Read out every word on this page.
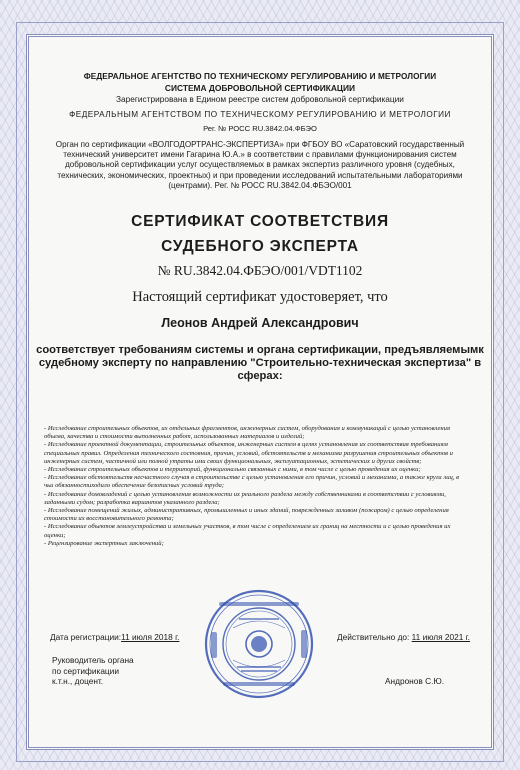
ФЕДЕРАЛЬНОЕ АГЕНТСТВО ПО ТЕХНИЧЕСКОМУ РЕГУЛИРОВАНИЮ И МЕТРОЛОГИИ

СИСТЕМА ДОБРОВОЛЬНОЙ СЕРТИФИКАЦИИ

Зарегистрирована в Едином реестре систем добровольной сертификации

ФЕДЕРАЛЬНЫМ АГЕНТСТВОМ ПО ТЕХНИЧЕСКОМУ РЕГУЛИРОВАНИЮ И МЕТРОЛОГИИ

Рег. № РОСС RU.3842.04.ФБЭО

Орган по сертификации «ВОЛГОДОРТРАНС-ЭКСПЕРТИЗА» при ФГБОУ ВО «Саратовский государственный технический университет имени Гагарина Ю.А.» в соответствии с правилами функционирования систем добровольной сертификации услуг осуществляемых в рамках экспертиз различного уровня (судебных, технических, экономических, проектных) и при проведении исследований испытательными лабораториями (центрами). Рег. № РОСС RU.3842.04.ФБЭО/001

СЕРТИФИКАТ СООТВЕТСТВИЯ

СУДЕБНОГО ЭКСПЕРТА

№ RU.3842.04.ФБЭО/001/VDT1102

Настоящий сертификат удостоверяет, что

Леонов Андрей Александрович

соответствует требованиям системы и органа сертификации, предъявляемымк судебному эксперту по направлению "Строительно-техническая экспертиза" в сферах:

- Исследование строительных объектов, их отдельных фрагментов, инженерных систем, оборудования и коммуникаций с целью установления объема, качества и стоимости выполненных работ, использованных материалов и изделий;
- Исследование проектной документации, строительных объектов, инженерных систем в целях установления их соответствия требованиям специальных правил. Определения технического состояния, причин, условий, обстоятельств и механизма разрушения строительных объектов и инженерных систем, частичной или полной утраты ими своих функциональных, эксплуатационных, эстетических и других свойств;
- Исследование строительных объектов и территорий, функционально связанных с ними, в том числе с целью проведения их оценки;
- Исследование обстоятельств несчастного случая в строительстве с целью установления его причин, условий и механизма, а также круга лиц, в чьи обязанностиходило обеспечение безопасных условий труда;
- Исследование домовладений с целью установления возможности их реального раздела между собственниками в соответствии с условиями, заданными судом; разработка вариантов указанного раздела;
- Исследование помещений жилых, административных, промышленных и иных зданий, поврежденных заливом (пожаром) с целью определения стоимости их восстановительного ремонта;
- Исследование объектов землеустройства и земельных участков, в том числе с определением их границ на местности и с целью проведения их оценки;
- Рецензирование экспертных заключений;
Дата регистрации:11 июля 2018 г.	Действительно до: 11 июля 2021 г.
Руководитель органа
по сертификации
к.т.н., доцент.	Андронов С.Ю.
